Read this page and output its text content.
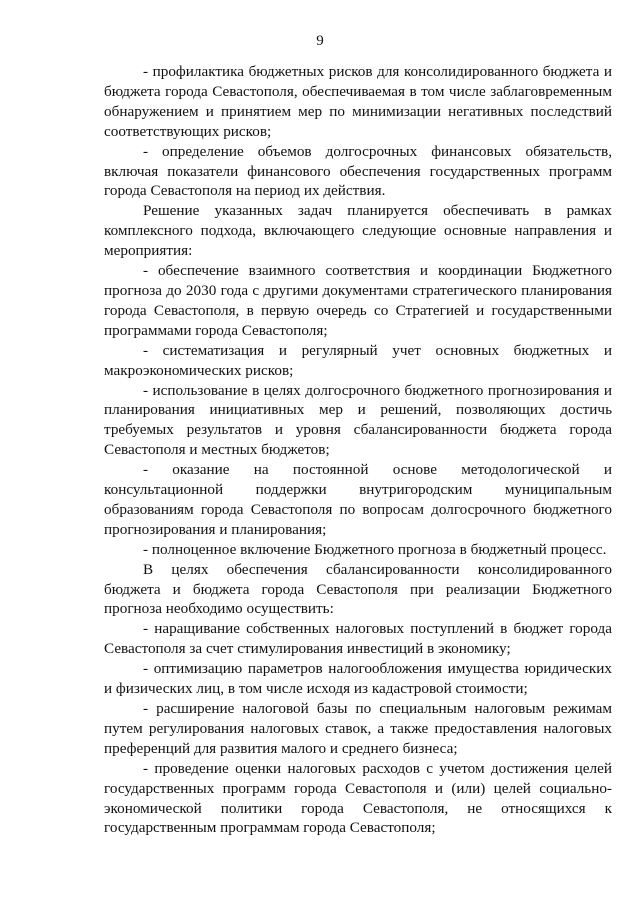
9

- профилактика бюджетных рисков для консолидированного бюджета и бюджета города Севастополя, обеспечиваемая в том числе заблаговременным обнаружением и принятием мер по минимизации негативных последствий соответствующих рисков;

- определение объемов долгосрочных финансовых обязательств, включая показатели финансового обеспечения государственных программ города Севастополя на период их действия.

Решение указанных задач планируется обеспечивать в рамках комплексного подхода, включающего следующие основные направления и мероприятия:

- обеспечение взаимного соответствия и координации Бюджетного прогноза до 2030 года с другими документами стратегического планирования города Севастополя, в первую очередь со Стратегией и государственными программами города Севастополя;

- систематизация и регулярный учет основных бюджетных и макроэкономических рисков;

- использование в целях долгосрочного бюджетного прогнозирования и планирования инициативных мер и решений, позволяющих достичь требуемых результатов и уровня сбалансированности бюджета города Севастополя и местных бюджетов;

- оказание на постоянной основе методологической и консультационной поддержки внутригородским муниципальным образованиям города Севастополя по вопросам долгосрочного бюджетного прогнозирования и планирования;

- полноценное включение Бюджетного прогноза в бюджетный процесс.

В целях обеспечения сбалансированности консолидированного бюджета и бюджета города Севастополя при реализации Бюджетного прогноза необходимо осуществить:

- наращивание собственных налоговых поступлений в бюджет города Севастополя за счет стимулирования инвестиций в экономику;

- оптимизацию параметров налогообложения имущества юридических и физических лиц, в том числе исходя из кадастровой стоимости;

- расширение налоговой базы по специальным налоговым режимам путем регулирования налоговых ставок, а также предоставления налоговых преференций для развития малого и среднего бизнеса;

- проведение оценки налоговых расходов с учетом достижения целей государственных программ города Севастополя и (или) целей социально-экономической политики города Севастополя, не относящихся к государственным программам города Севастополя;
